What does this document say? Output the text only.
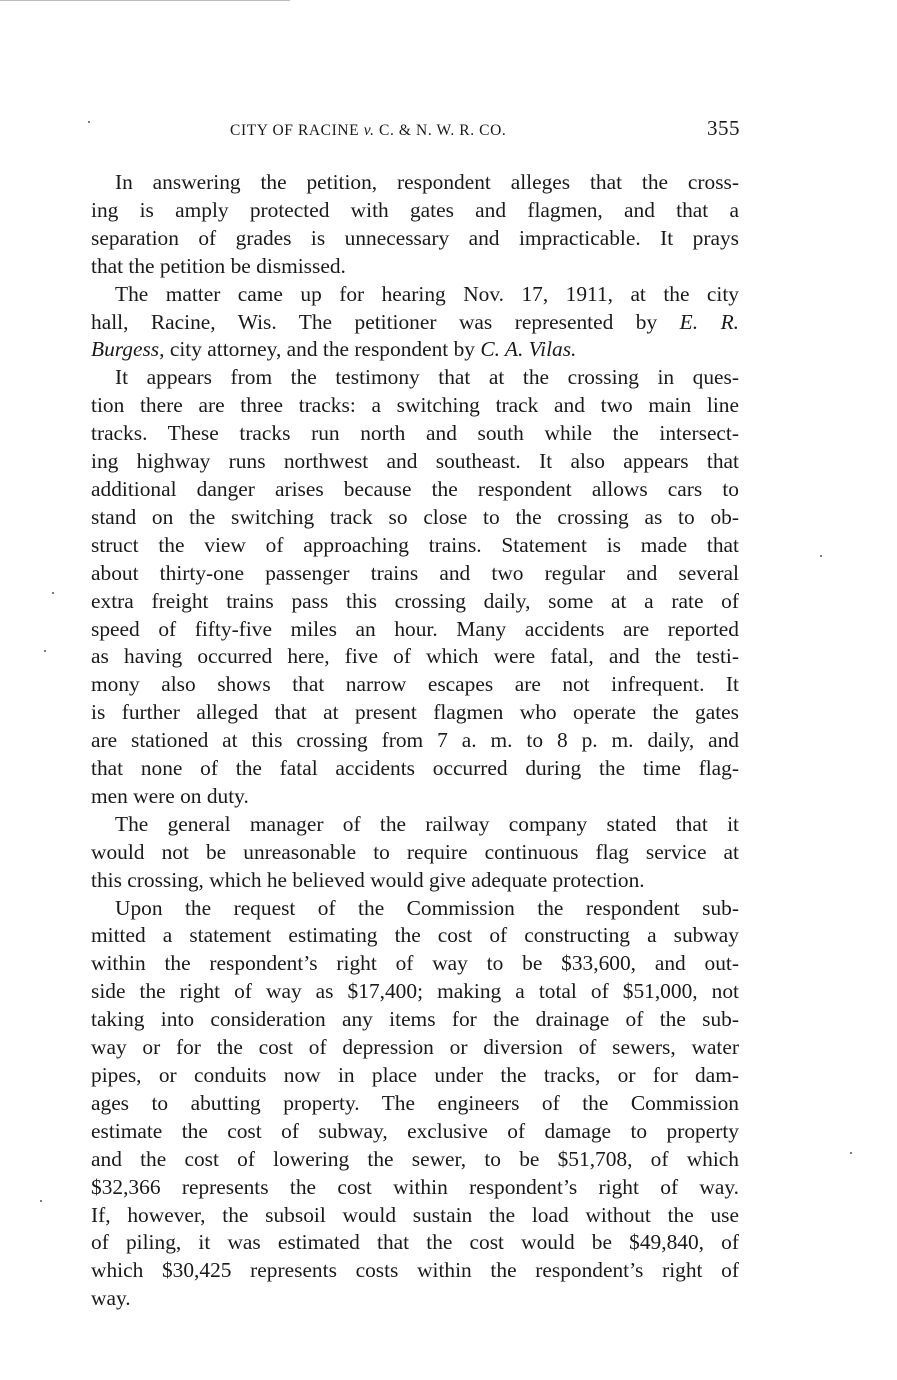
CITY OF RACINE v. C. & N. W. R. CO.	355
In answering the petition, respondent alleges that the cross-
ing is amply protected with gates and flagmen, and that a
separation of grades is unnecessary and impracticable. It prays
that the petition be dismissed.
The matter came up for hearing Nov. 17, 1911, at the city
hall, Racine, Wis. The petitioner was represented by E. R.
Burgess, city attorney, and the respondent by C. A. Vilas.
It appears from the testimony that at the crossing in ques-
tion there are three tracks: a switching track and two main line
tracks. These tracks run north and south while the intersect-
ing highway runs northwest and southeast. It also appears that
additional danger arises because the respondent allows cars to
stand on the switching track so close to the crossing as to ob-
struct the view of approaching trains. Statement is made that
about thirty-one passenger trains and two regular and several
extra freight trains pass this crossing daily, some at a rate of
speed of fifty-five miles an hour. Many accidents are reported
as having occurred here, five of which were fatal, and the testi-
mony also shows that narrow escapes are not infrequent. It
is further alleged that at present flagmen who operate the gates
are stationed at this crossing from 7 a. m. to 8 p. m. daily, and
that none of the fatal accidents occurred during the time flag-
men were on duty.
The general manager of the railway company stated that it
would not be unreasonable to require continuous flag service at
this crossing, which he believed would give adequate protection.
Upon the request of the Commission the respondent sub-
mitted a statement estimating the cost of constructing a subway
within the respondent’s right of way to be $33,600, and out-
side the right of way as $17,400; making a total of $51,000, not
taking into consideration any items for the drainage of the sub-
way or for the cost of depression or diversion of sewers, water
pipes, or conduits now in place under the tracks, or for dam-
ages to abutting property. The engineers of the Commission
estimate the cost of subway, exclusive of damage to property
and the cost of lowering the sewer, to be $51,708, of which
$32,366 represents the cost within respondent’s right of way.
If, however, the subsoil would sustain the load without the use
of piling, it was estimated that the cost would be $49,840, of
which $30,425 represents costs within the respondent’s right of
way.
